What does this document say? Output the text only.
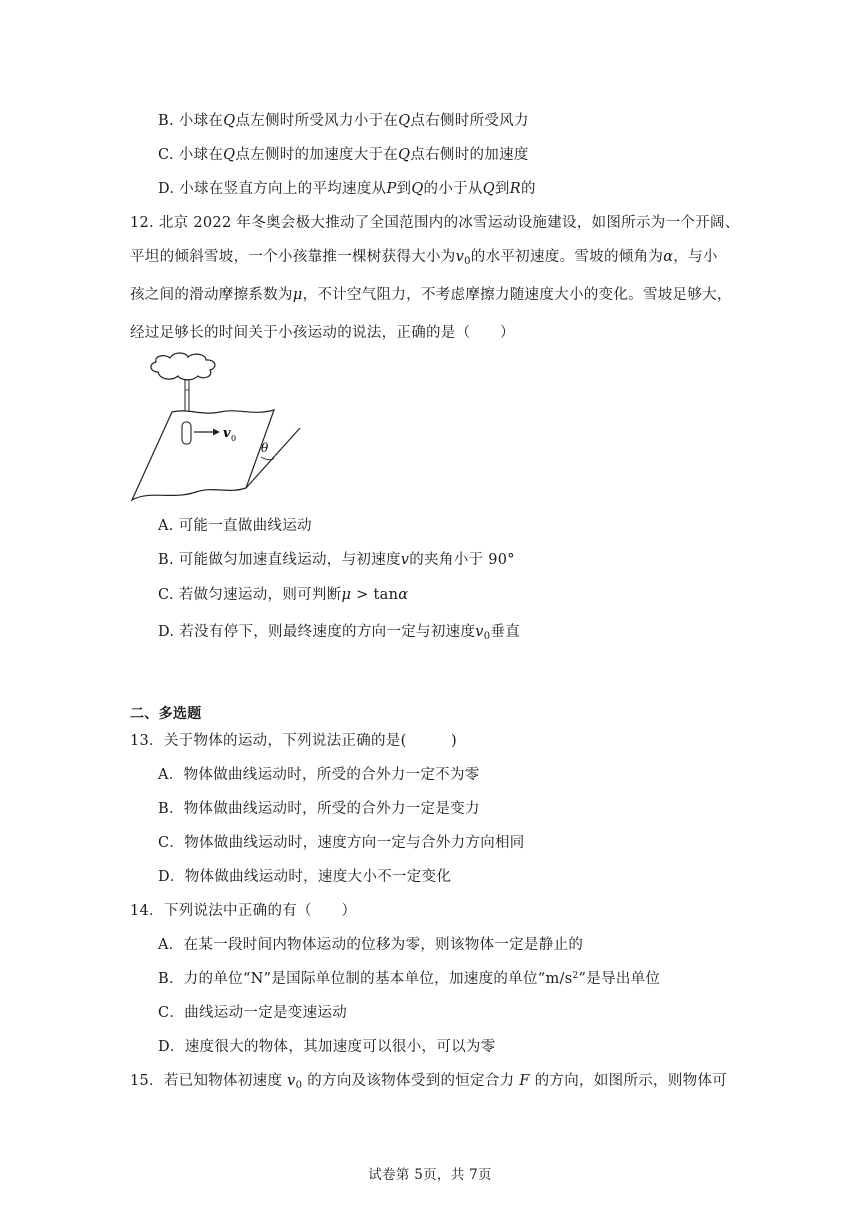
B. 小球在Q点左侧时所受风力小于在Q点右侧时所受风力
C. 小球在Q点左侧时的加速度大于在Q点右侧时的加速度
D. 小球在竖直方向上的平均速度从P到Q的小于从Q到R的
12. 北京 2022 年冬奥会极大推动了全国范围内的冰雪运动设施建设，如图所示为一个开阔、
平坦的倾斜雪坡，一个小孩靠推一棵树获得大小为$v_0$的水平初速度。雪坡的倾角为α，与小
孩之间的滑动摩擦系数为μ，不计空气阻力，不考虑摩擦力随速度大小的变化。雪坡足够大，
经过足够长的时间关于小孩运动的说法，正确的是（　　）
v 0
θ
A. 可能一直做曲线运动
B. 可能做匀加速直线运动，与初速度v的夹角小于 90°
C. 若做匀速运动，则可判断μ > tanα
D. 若没有停下，则最终速度的方向一定与初速度$v_0$垂直
二、多选题
13．关于物体的运动，下列说法正确的是(　　　)
A．物体做曲线运动时，所受的合外力一定不为零
B．物体做曲线运动时，所受的合外力一定是变力
C．物体做曲线运动时，速度方向一定与合外力方向相同
D．物体做曲线运动时，速度大小不一定变化
14．下列说法中正确的有（　　）
A．在某一段时间内物体运动的位移为零，则该物体一定是静止的
B．力的单位“N”是国际单位制的基本单位，加速度的单位“$m/s^2$”是导出单位
C．曲线运动一定是变速运动
D．速度很大的物体，其加速度可以很小，可以为零
15．若已知物体初速度 $v_0$ 的方向及该物体受到的恒定合力 F 的方向，如图所示，则物体可
试卷第 5页，共 7页
